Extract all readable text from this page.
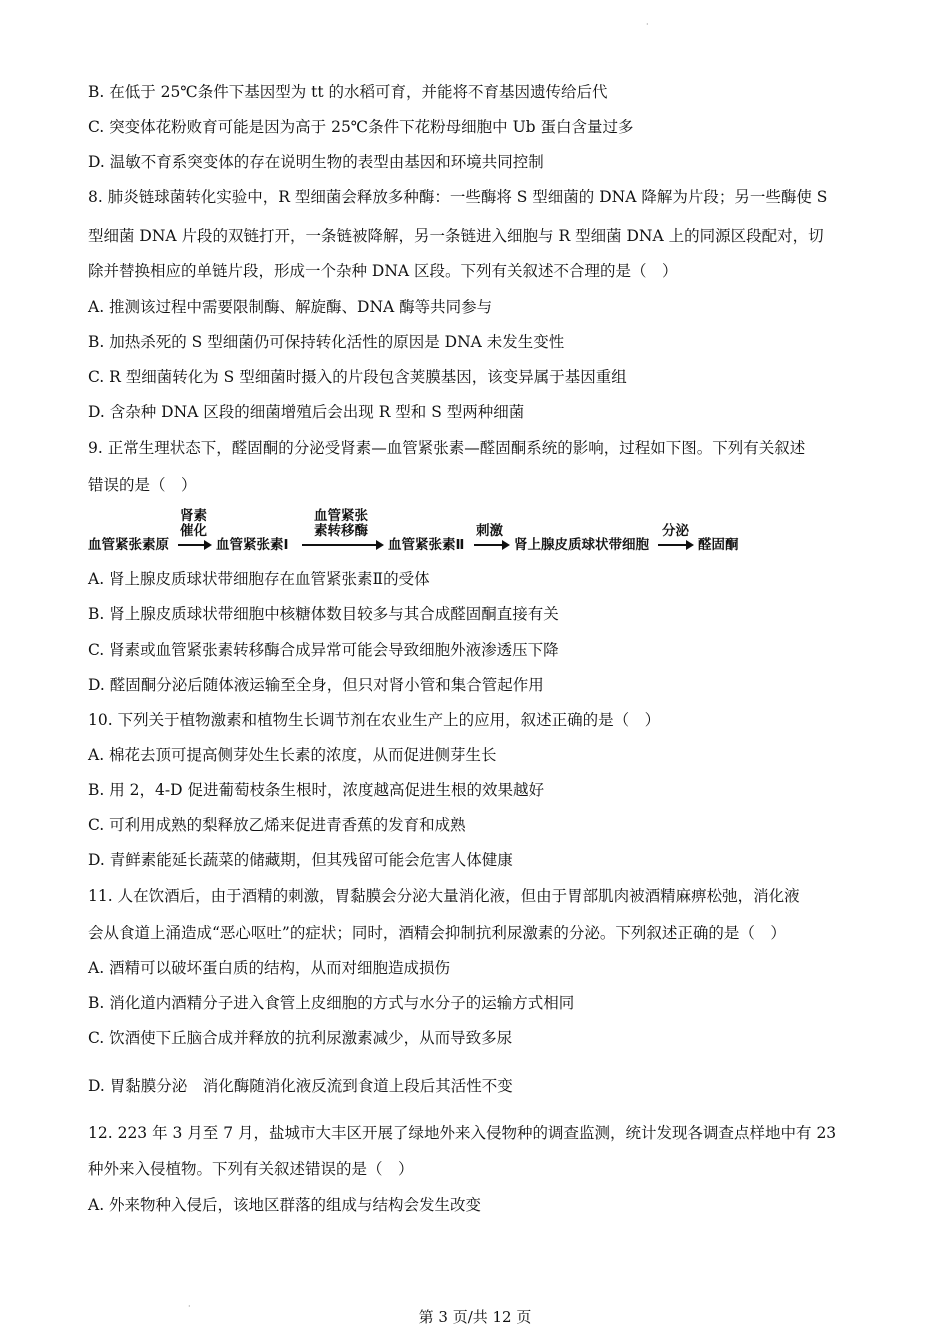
·
B. 在低于 25℃条件下基因型为 tt 的水稻可育，并能将不育基因遗传给后代
C. 突变体花粉败育可能是因为高于 25℃条件下花粉母细胞中 Ub 蛋白含量过多
D. 温敏不育系突变体的存在说明生物的表型由基因和环境共同控制
8. 肺炎链球菌转化实验中，R 型细菌会释放多种酶：一些酶将 S 型细菌的 DNA 降解为片段；另一些酶使 S
型细菌 DNA 片段的双链打开，一条链被降解，另一条链进入细胞与 R 型细菌 DNA 上的同源区段配对，切
除并替换相应的单链片段，形成一个杂种 DNA 区段。下列有关叙述不合理的是（　）
A. 推测该过程中需要限制酶、解旋酶、DNA 酶等共同参与
B. 加热杀死的 S 型细菌仍可保持转化活性的原因是 DNA 未发生变性
C. R 型细菌转化为 S 型细菌时摄入的片段包含荚膜基因，该变异属于基因重组
D. 含杂种 DNA 区段的细菌增殖后会出现 R 型和 S 型两种细菌
9. 正常生理状态下，醛固酮的分泌受肾素—血管紧张素—醛固酮系统的影响，过程如下图。下列有关叙述
错误的是（　）
血管紧张素原
肾素
催化
血管紧张素Ⅰ
血管紧张
素转移酶
血管紧张素Ⅱ
刺激
肾上腺皮质球状带细胞
分泌
醛固酮
A. 肾上腺皮质球状带细胞存在血管紧张素Ⅱ的受体
B. 肾上腺皮质球状带细胞中核糖体数目较多与其合成醛固酮直接有关
C. 肾素或血管紧张素转移酶合成异常可能会导致细胞外液渗透压下降
D. 醛固酮分泌后随体液运输至全身，但只对肾小管和集合管起作用
10. 下列关于植物激素和植物生长调节剂在农业生产上的应用，叙述正确的是（　）
A. 棉花去顶可提高侧芽处生长素的浓度，从而促进侧芽生长
B. 用 2，4-D 促进葡萄枝条生根时，浓度越高促进生根的效果越好
C. 可利用成熟的梨释放乙烯来促进青香蕉的发育和成熟
D. 青鲜素能延长蔬菜的储藏期，但其残留可能会危害人体健康
11. 人在饮酒后，由于酒精的刺激，胃黏膜会分泌大量消化液，但由于胃部肌肉被酒精麻痹松弛，消化液
会从食道上涌造成“恶心呕吐”的症状；同时，酒精会抑制抗利尿激素的分泌。下列叙述正确的是（　）
A. 酒精可以破坏蛋白质的结构，从而对细胞造成损伤
B. 消化道内酒精分子进入食管上皮细胞的方式与水分子的运输方式相同
C. 饮酒使下丘脑合成并释放的抗利尿激素减少，从而导致多尿
D. 胃黏膜分泌　消化酶随消化液反流到食道上段后其活性不变
12. 223 年 3 月至 7 月，盐城市大丰区开展了绿地外来入侵物种的调查监测，统计发现各调查点样地中有 23
种外来入侵植物。下列有关叙述错误的是（　）
A. 外来物种入侵后，该地区群落的组成与结构会发生改变
·
第 3 页/共 12 页
